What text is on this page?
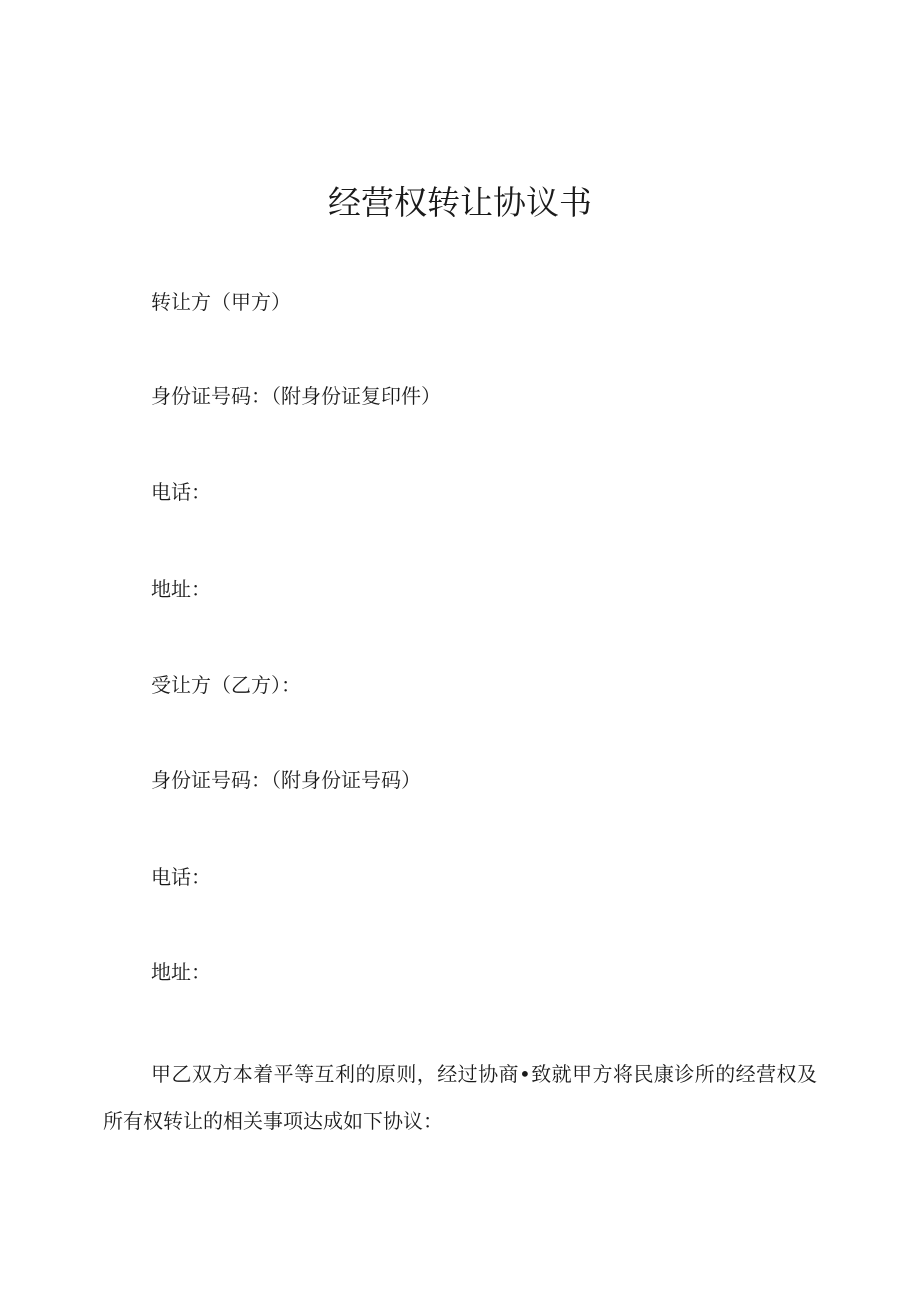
经营权转让协议书

转让方（甲方）

身份证号码：（附身份证复印件）

电话：

地址：

受让方（乙方）：

身份证号码：（附身份证号码）

电话：

地址：

甲乙双方本着平等互利的原则，经过协商•致就甲方将民康诊所的经营权及所有权转让的相关事项达成如下协议：
